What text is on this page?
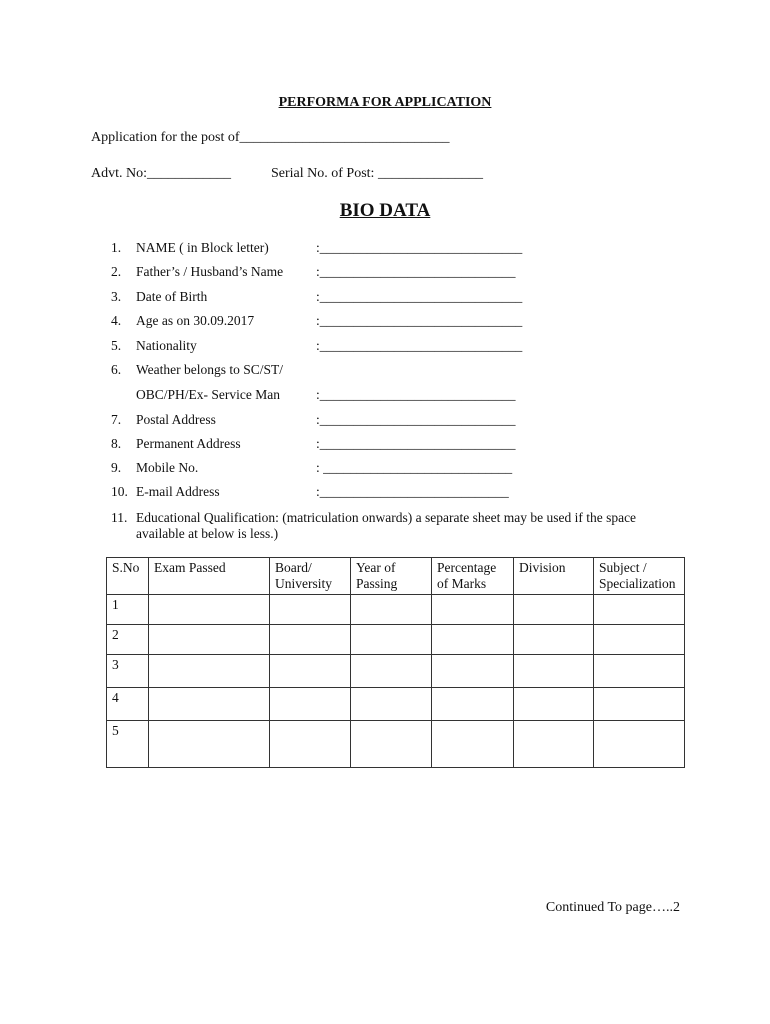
PERFORMA FOR APPLICATION
Application for the post of______________________________
Advt. No:____________	Serial No. of Post: _______________
BIO DATA
1. NAME ( in Block letter)	:______________________________
2. Father’s / Husband’s Name :_____________________________
3. Date of Birth	:______________________________
4. Age as on 30.09.2017	:______________________________
5. Nationality	:______________________________
6. Weather belongs to SC/ST/
OBC/PH/Ex- Service Man	:_____________________________
7. Postal Address	:_____________________________
8. Permanent Address	:_____________________________
9. Mobile No.	: ____________________________
10. E-mail Address	:____________________________
11. Educational Qualification: (matriculation onwards) a separate sheet may be used if the space available at below is less.)
S.No	Exam Passed	Board/ University	Year of Passing	Percentage of Marks	Division	Subject / Specialization
1						
2						
3						
4						
5						
Continued To page…..2
